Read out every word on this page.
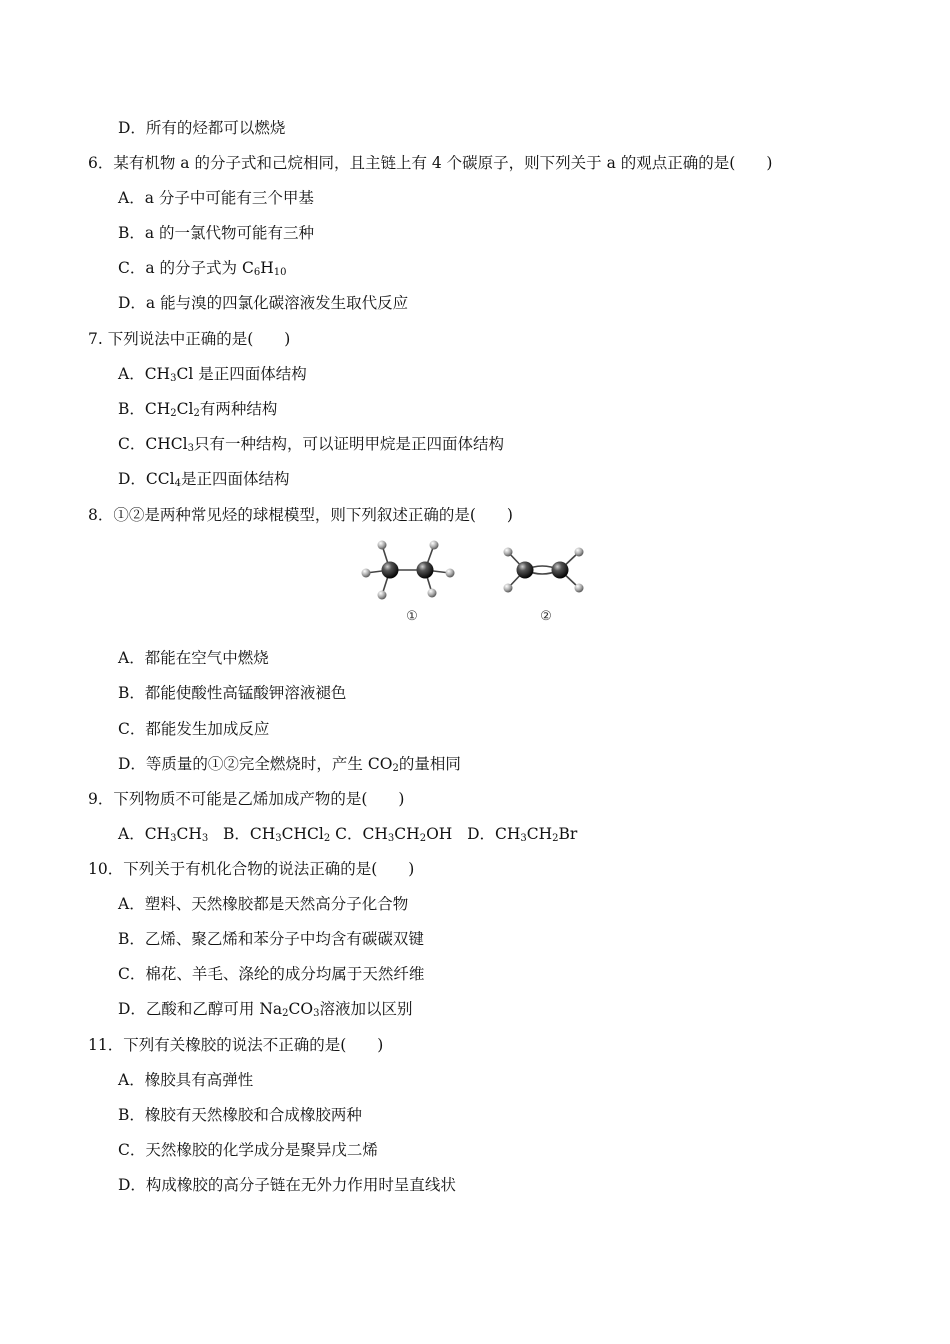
D．所有的烃都可以燃烧
6．某有机物 a 的分子式和己烷相同，且主链上有 4 个碳原子，则下列关于 a 的观点正确的是(　　)
A．a 分子中可能有三个甲基
B．a 的一氯代物可能有三种
C．a 的分子式为 $C_6H_{10}$
D．a 能与溴的四氯化碳溶液发生取代反应
7. 下列说法中正确的是(　　)
A．$CH_3Cl$ 是正四面体结构
B．$CH_2Cl_2$有两种结构
C．CHCl$_3$只有一种结构，可以证明甲烷是正四面体结构
D．CCl$_4$是正四面体结构
8．①②是两种常见烃的球棍模型，则下列叙述正确的是(　　)
①	②
A．都能在空气中燃烧
B．都能使酸性高锰酸钾溶液褪色
C．都能发生加成反应
D．等质量的①②完全燃烧时，产生 $CO_2$的量相同
9．下列物质不可能是乙烯加成产物的是(　　)
A．$CH_3CH_3$ B．$CH_3CHCl_2$ C．$CH_3CH_2OH$ D．$CH_3CH_2Br$
10．下列关于有机化合物的说法正确的是(　　)
A．塑料、天然橡胶都是天然高分子化合物
B．乙烯、聚乙烯和苯分子中均含有碳碳双键
C．棉花、羊毛、涤纶的成分均属于天然纤维
D．乙酸和乙醇可用 $Na_2CO_3$溶液加以区别
11．下列有关橡胶的说法不正确的是(　　)
A．橡胶具有高弹性
B．橡胶有天然橡胶和合成橡胶两种
C．天然橡胶的化学成分是聚异戊二烯
D．构成橡胶的高分子链在无外力作用时呈直线状
